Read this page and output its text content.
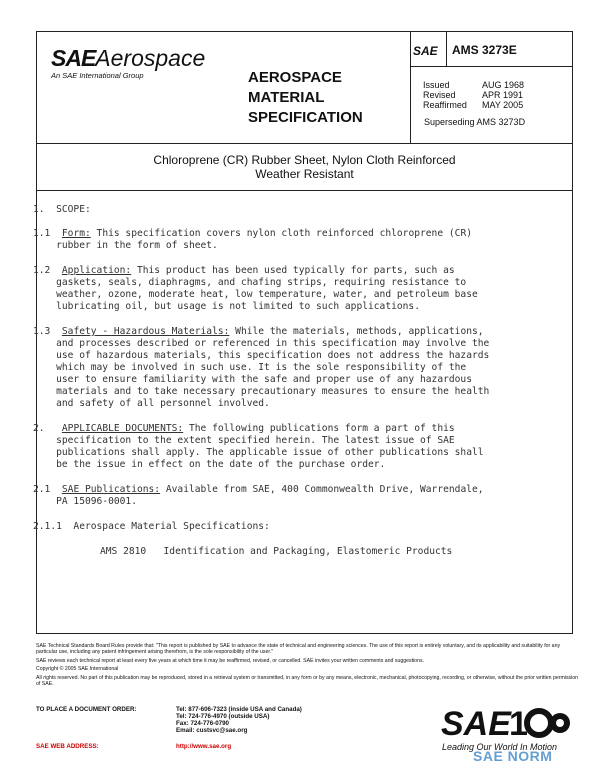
SAEAerospace
An SAE International Group	AEROSPACE
MATERIAL
SPECIFICATION
SAE AMS 3273E
Issued	AUG 1968
Revised	APR 1991
Reaffirmed MAY 2005
Superseding AMS 3273D
Chloroprene (CR) Rubber Sheet, Nylon Cloth Reinforced
Weather Resistant
1.  SCOPE:
1.1 Form: This specification covers nylon cloth reinforced chloroprene (CR)
rubber in the form of sheet.
1.2 Application: This product has been used typically for parts, such as
gaskets, seals, diaphragms, and chafing strips, requiring resistance to
weather, ozone, moderate heat, low temperature, water, and petroleum base
lubricating oil, but usage is not limited to such applications.
1.3 Safety - Hazardous Materials: While the materials, methods, applications,
and processes described or referenced in this specification may involve the
use of hazardous materials, this specification does not address the hazards
which may be involved in such use. It is the sole responsibility of the
user to ensure familiarity with the safe and proper use of any hazardous
materials and to take necessary precautionary measures to ensure the health
and safety of all personnel involved.
2. APPLICABLE DOCUMENTS: The following publications form a part of this
specification to the extent specified herein. The latest issue of SAE
publications shall apply. The applicable issue of other publications shall
be the issue in effect on the date of the purchase order.
2.1 SAE Publications: Available from SAE, 400 Commonwealth Drive, Warrendale,
PA 15096-0001.
2.1.1  Aerospace Material Specifications:
AMS 2810   Identification and Packaging, Elastomeric Products
SAE Technical Standards Board Rules provide that: "This report is published by SAE to advance the state of technical and engineering sciences. The use of this report is entirely voluntary, and its applicability and suitability for any particular use, including any patent infringement arising therefrom, is the sole responsibility of the user."
SAE reviews each technical report at least every five years at which time it may be reaffirmed, revised, or cancelled. SAE invites your written comments and suggestions.
Copyright © 2005 SAE International
All rights reserved. No part of this publication may be reproduced, stored in a retrieval system or transmitted, in any form or by any means, electronic, mechanical, photocopying, recording, or otherwise, without the prior written permission of SAE.
TO PLACE A DOCUMENT ORDER:	Tel: 877-606-7323 (inside USA and Canada)
Tel: 724-776-4970 (outside USA)
Fax: 724-776-0790
Email: custsvc@sae.org
SAE WEB ADDRESS:	http://www.sae.org
SAE
1
Leading Our World In Motion
SAE NORM
